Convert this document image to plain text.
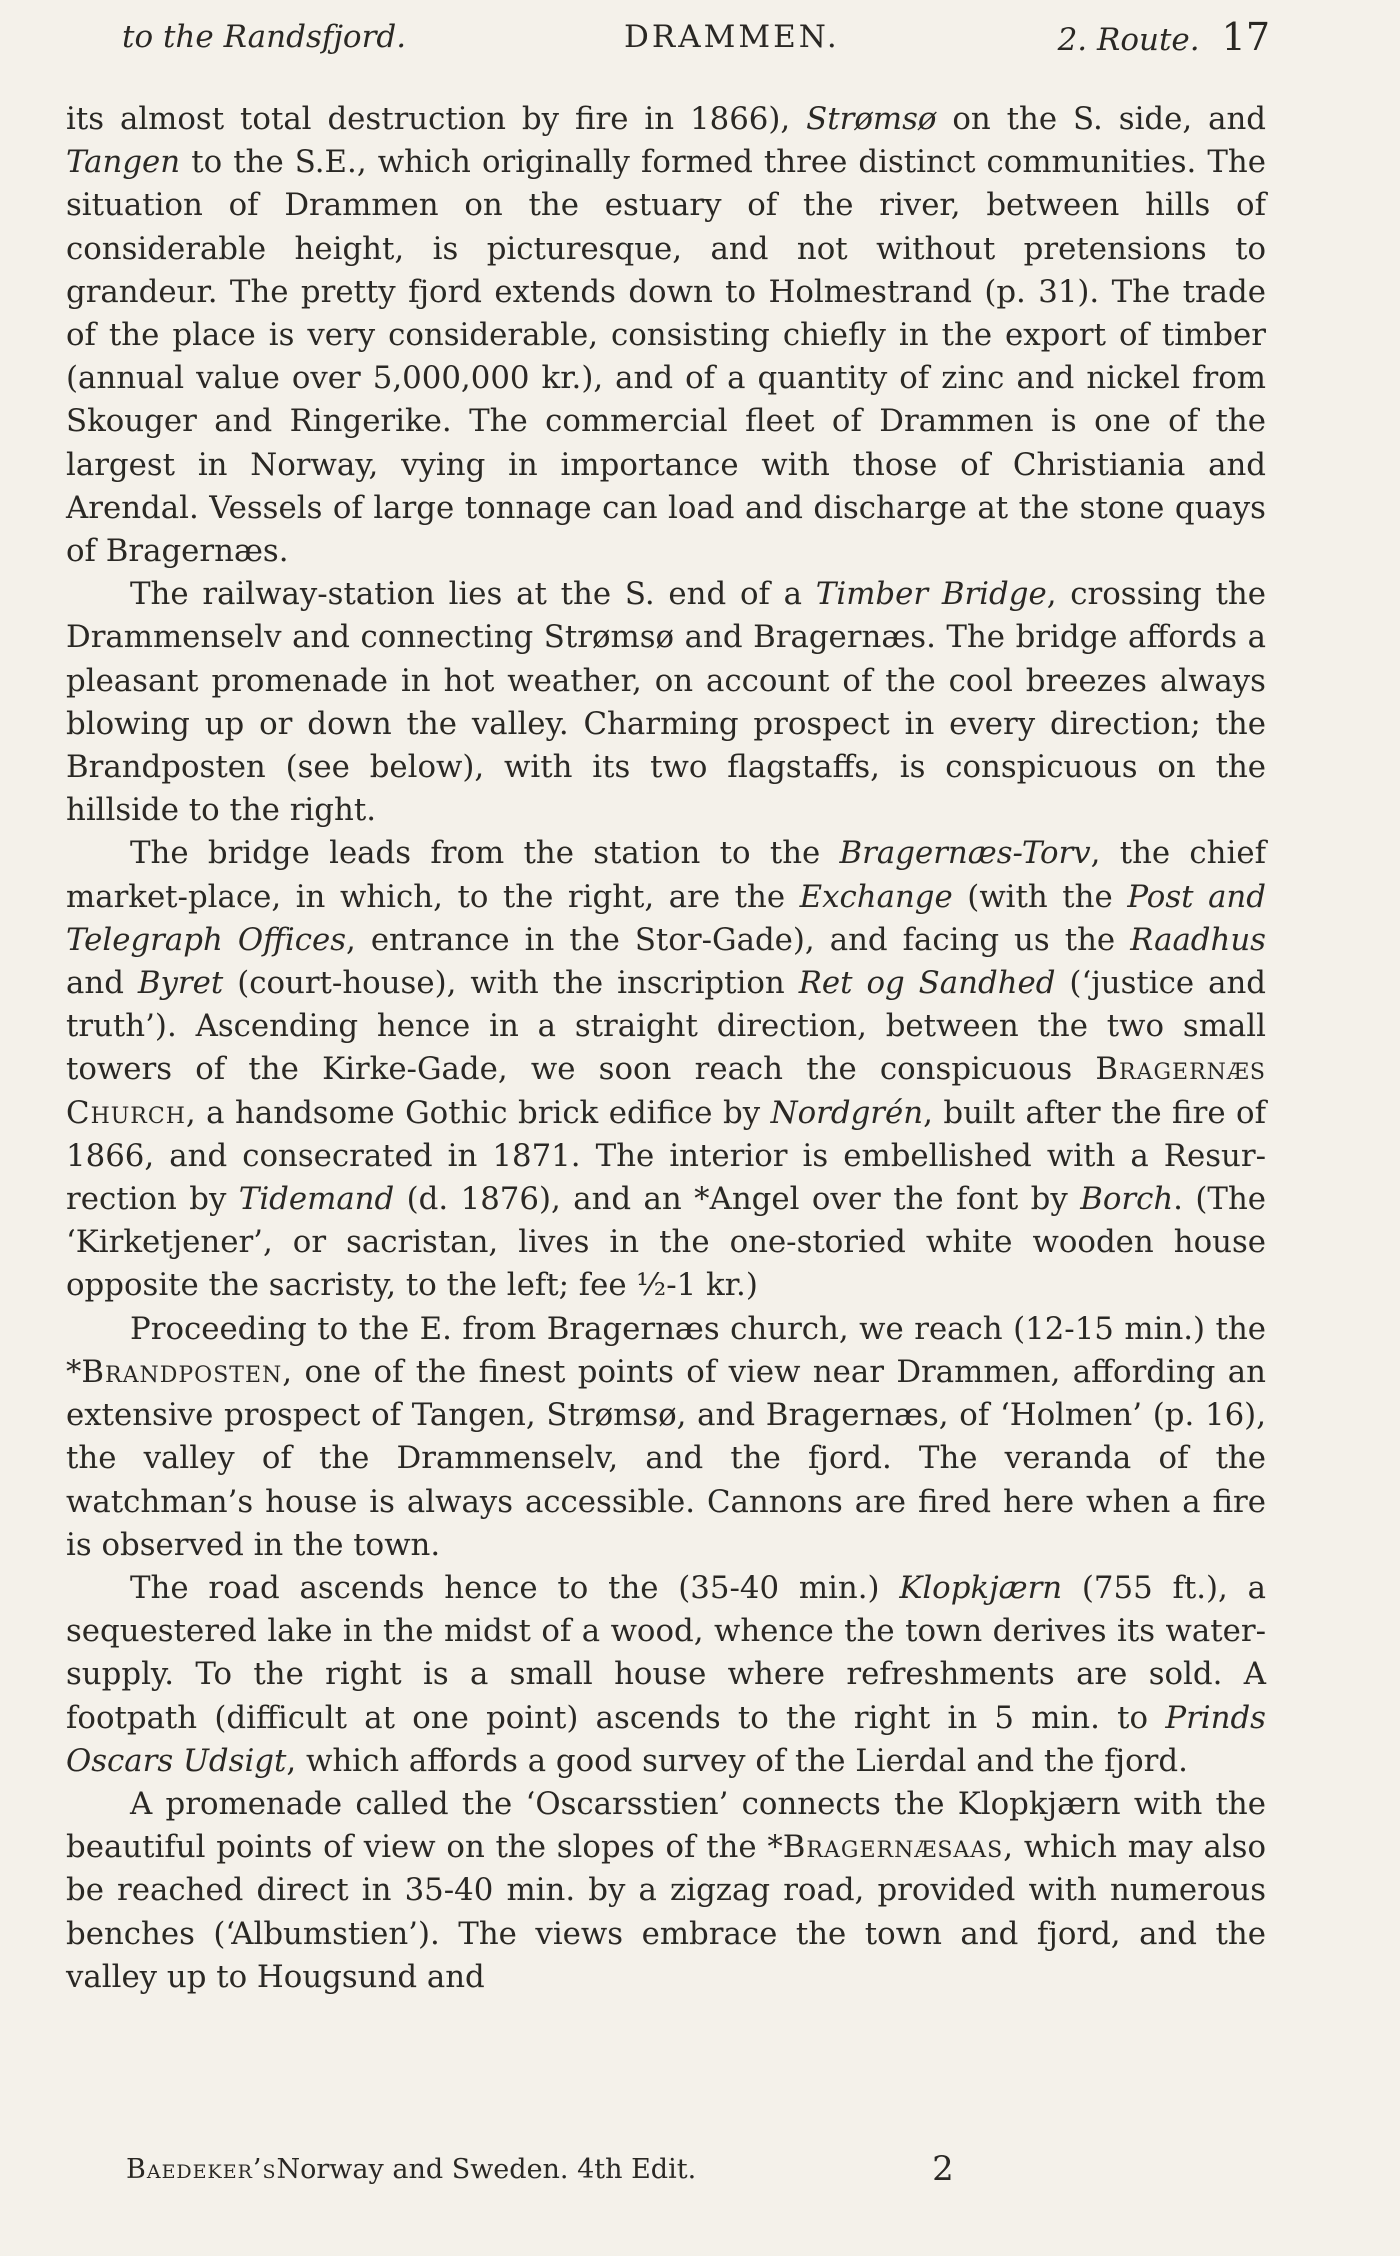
to the Randsfjord.	DRAMMEN.	2. Route. 17

its almost total destruction by fire in 1866), Strømsø on the S. side, and Tangen to the S.E., which originally formed three distinct communities. The situation of Drammen on the estuary of the river, between hills of considerable height, is picturesque, and not without pretensions to grandeur. The pretty fjord extends down to Holmestrand (p. 31). The trade of the place is very considerable, consisting chiefly in the export of timber (annual value over 5,000,000 kr.), and of a quantity of zinc and nickel from Skouger and Ringerike. The commercial fleet of Drammen is one of the largest in Norway, vying in importance with those of Christiania and Arendal. Vessels of large tonnage can load and discharge at the stone quays of Bragernæs.

The railway-station lies at the S. end of a Timber Bridge, crossing the Drammenselv and connecting Strømsø and Bragernæs. The bridge affords a pleasant promenade in hot weather, on account of the cool breezes always blowing up or down the valley. Charming prospect in every direction; the Brandposten (see below), with its two flagstaffs, is conspicuous on the hillside to the right.

The bridge leads from the station to the Bragernæs-Torv, the chief market-place, in which, to the right, are the Exchange (with the Post and Telegraph Offices, entrance in the Stor-Gade), and facing us the Raadhus and Byret (court-house), with the inscription Ret og Sandhed (‘justice and truth’). Ascending hence in a straight direction, between the two small towers of the Kirke-Gade, we soon reach the conspicuous Bragernæs Church, a handsome Gothic brick edifice by Nordgrén, built after the fire of 1866, and consecrated in 1871. The interior is embellished with a Resurrection by Tidemand (d. 1876), and an *Angel over the font by Borch. (The ‘Kirketjener’, or sacristan, lives in the one-storied white wooden house opposite the sacristy, to the left; fee ½-1 kr.)

Proceeding to the E. from Bragernæs church, we reach (12-15 min.) the *Brandposten, one of the finest points of view near Drammen, affording an extensive prospect of Tangen, Strømsø, and Bragernæs, of ‘Holmen’ (p. 16), the valley of the Drammenselv, and the fjord. The veranda of the watchman’s house is always accessible. Cannons are fired here when a fire is observed in the town.

The road ascends hence to the (35-40 min.) Klopkjærn (755 ft.), a sequestered lake in the midst of a wood, whence the town derives its water-supply. To the right is a small house where refreshments are sold. A footpath (difficult at one point) ascends to the right in 5 min. to Prinds Oscars Udsigt, which affords a good survey of the Lierdal and the fjord.

A promenade called the ‘Oscarsstien’ connects the Klopkjærn with the beautiful points of view on the slopes of the *Bragernæsaas, which may also be reached direct in 35-40 min. by a zigzag road, provided with numerous benches (‘Albumstien’). The views embrace the town and fjord, and the valley up to Hougsund and

Baedeker’s Norway and Sweden. 4th Edit.	2
